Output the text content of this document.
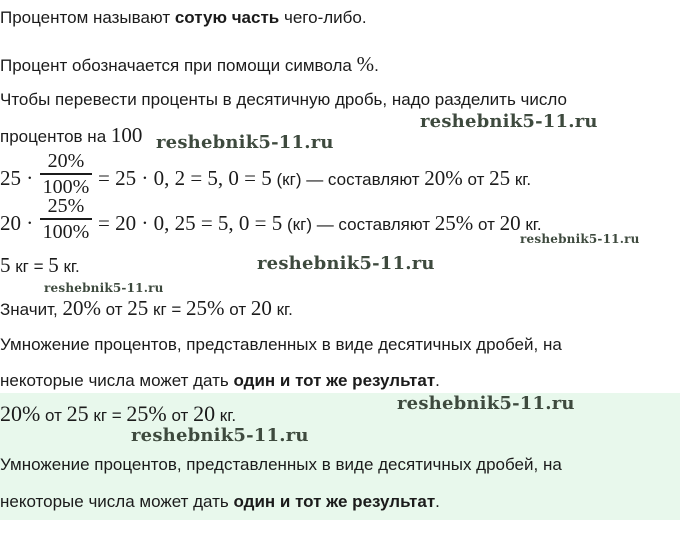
Процентом называют сотую часть чего-либо.
Процент обозначается при помощи символа %.
Чтобы перевести проценты в десятичную дробь, надо разделить число
процентов на 100
25 ·
20%
100% = 25 · 0, 2 = 5, 0 = 5 (кг) — составляют 20% от 25 кг.
20 ·
25%
100% = 20 · 0, 25 = 5, 0 = 5 (кг) — составляют 25% от 20 кг.
5 кг = 5 кг.
Значит, 20% от 25 кг = 25% от 20 кг.
Умножение процентов, представленных в виде десятичных дробей, на
некоторые числа может дать один и тот же результат.
20% от 25 кг = 25% от 20 кг.
Умножение процентов, представленных в виде десятичных дробей, на
некоторые числа может дать один и тот же результат.
reshebnik5-11.ru
reshebnik5-11.ru
reshebnik5-11.ru
reshebnik5-11.ru
reshebnik5-11.ru
reshebnik5-11.ru
reshebnik5-11.ru
